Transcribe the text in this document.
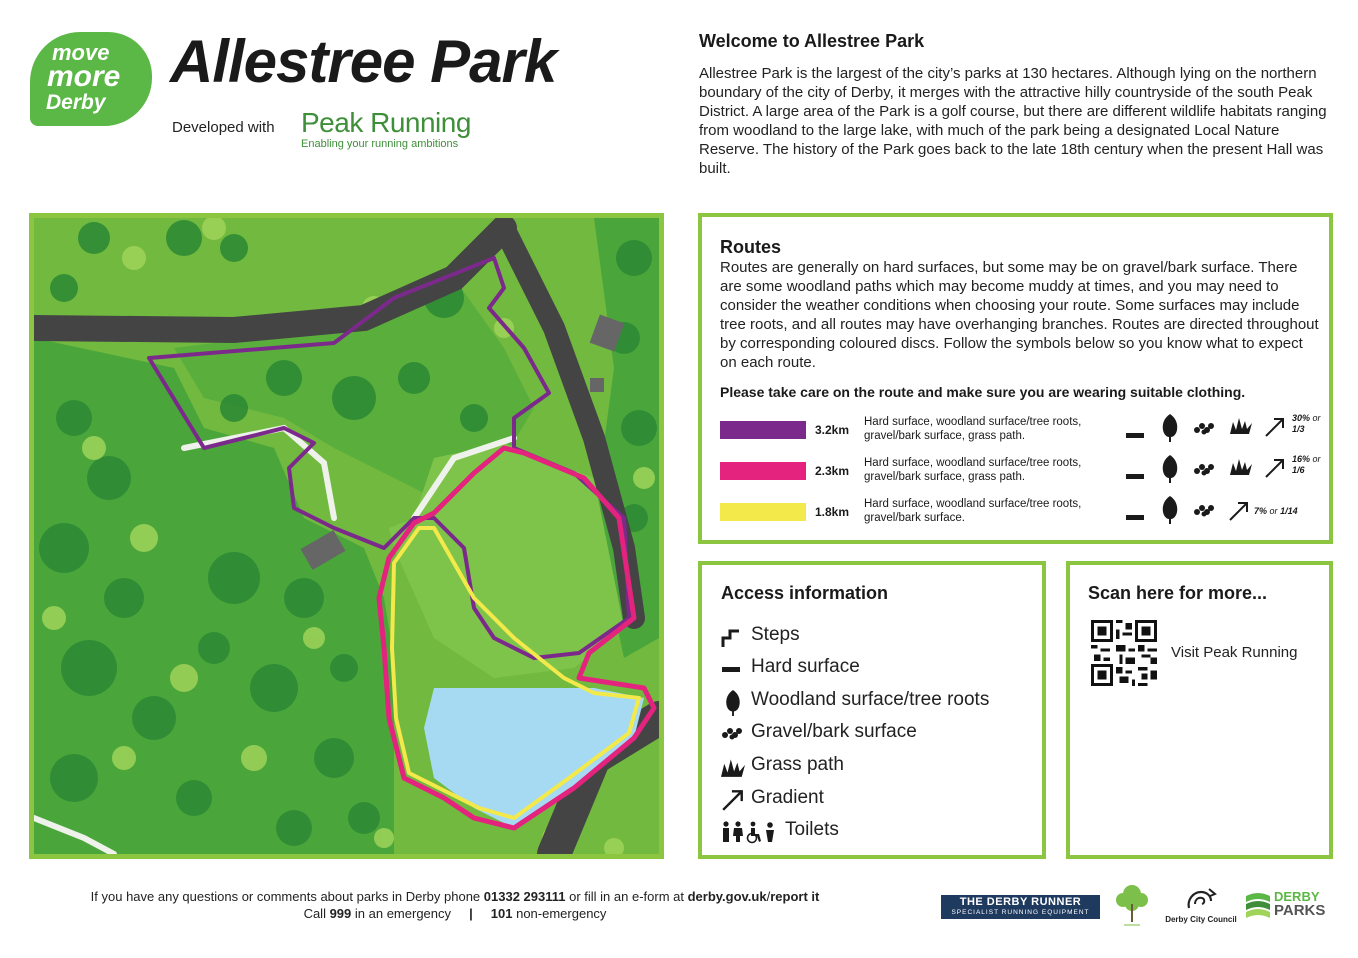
move
more
Derby
Allestree Park
Developed with Peak Running
Enabling your running ambitions
Welcome to Allestree Park
Allestree Park is the largest of the city’s parks at 130 hectares. Although lying on the northern boundary of the city of Derby, it merges with the attractive hilly countryside of the south Peak District. A large area of the Park is a golf course, but there are different wildlife habitats ranging from woodland to the large lake, with much of the park being a designated Local Nature Reserve. The history of the Park goes back to the late 18th century when the present Hall was built.
Routes
Routes are generally on hard surfaces, but some may be on gravel/bark surface. There are some woodland paths which may become muddy at times, and you may need to consider the weather conditions when choosing your route. Some surfaces may include tree roots, and all routes may have overhanging branches. Routes are directed throughout by corresponding coloured discs. Follow the symbols below so you know what to expect on each route.
Please take care on the route and make sure you are wearing suitable clothing.
3.2km
Hard surface, woodland surface/tree roots, gravel/bark surface, grass path.
30% or
1/3
2.3km
Hard surface, woodland surface/tree roots, gravel/bark surface, grass path.
16% or
1/6
1.8km
Hard surface, woodland surface/tree roots, gravel/bark surface.
7% or 1/14
Access information
Steps
Hard surface
Woodland surface/tree roots
Gravel/bark surface
Grass path
Gradient
Toilets
Scan here for more...
Visit Peak Running
If you have any questions or comments about parks in Derby phone 01332 293111 or fill in an e-form at derby.gov.uk/report it
Call 999 in an emergency | 101 non-emergency
THE DERBY RUNNER
SPECIALIST RUNNING EQUIPMENT
Derby City Council
DERBY
PARKS
